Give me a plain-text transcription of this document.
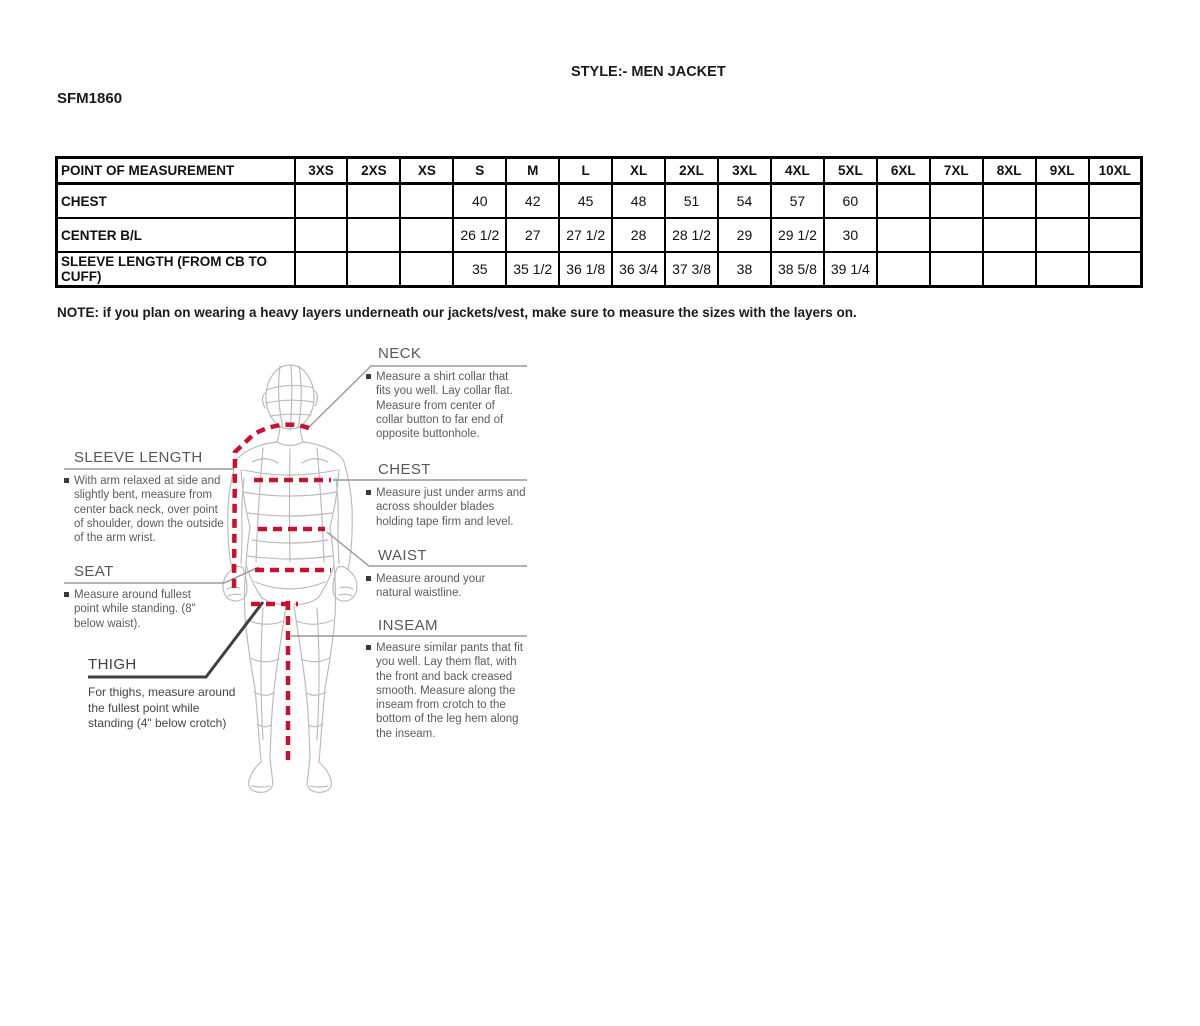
STYLE:- MEN JACKET
SFM1860
POINT OF MEASUREMENT	3XS	2XS	XS	S	M	L	XL	2XL	3XL	4XL	5XL	6XL	7XL	8XL	9XL	10XL
CHEST				40	42	45	48	51	54	57	60					
CENTER B/L				26 1/2	27	27 1/2	28	28 1/2	29	29 1/2	30					
SLEEVE LENGTH (FROM CB TO CUFF)				35	35 1/2	36 1/8	36 3/4	37 3/8	38	38 5/8	39 1/4					
NOTE: if you plan on wearing a heavy layers underneath our jackets/vest, make sure to measure the sizes with the layers on.
NECK

Measure a shirt collar that fits you well. Lay collar flat. Measure from center of collar button to far end of opposite buttonhole.

CHEST

Measure just under arms and across shoulder blades holding tape firm and level.

WAIST

Measure around your natural waistline.

INSEAM

Measure similar pants that fit you well. Lay them flat, with the front and back creased smooth. Measure along the inseam from crotch to the bottom of the leg hem along the inseam.

SLEEVE LENGTH

With arm relaxed at side and slightly bent, measure from center back neck, over point of shoulder, down the outside of the arm wrist.

SEAT

Measure around fullest point while standing. (8" below waist).

THIGH

For thighs, measure around the fullest point while standing (4" below crotch)
